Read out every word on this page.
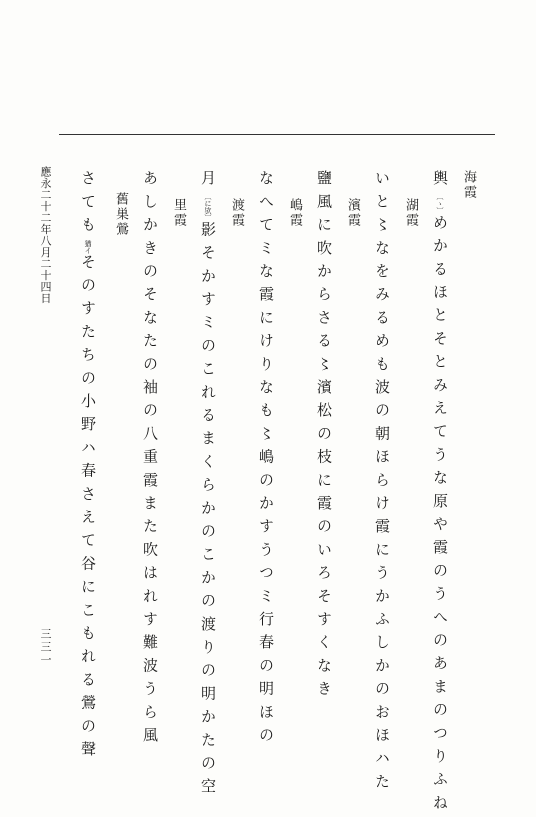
海霞
輿〔ゝ〕めかるほとそとみえてうな原や霞のうへのあまのつりふね
湖霞
いと〻なをみるめも波の朝ほらけ霞にうかふしかのおほハた
濱霞
鹽風に吹からさる〻濱松の枝に霞のいろそすくなき
嶋霞
なへてミな霞にけりなも〻嶋のかすうつミ行春の明ほの
渡霞
月〔に欤〕影そかすミのこれるまくらかのこかの渡りの明かたの空
里霞
あしかきのそなたの袖の八重霞また吹はれす難波うら風
舊巣鶯
さても猶イそのすたちの小野ハ春さえて谷にこもれる鶯の聲
應永二十二年八月二十四日
三三一
